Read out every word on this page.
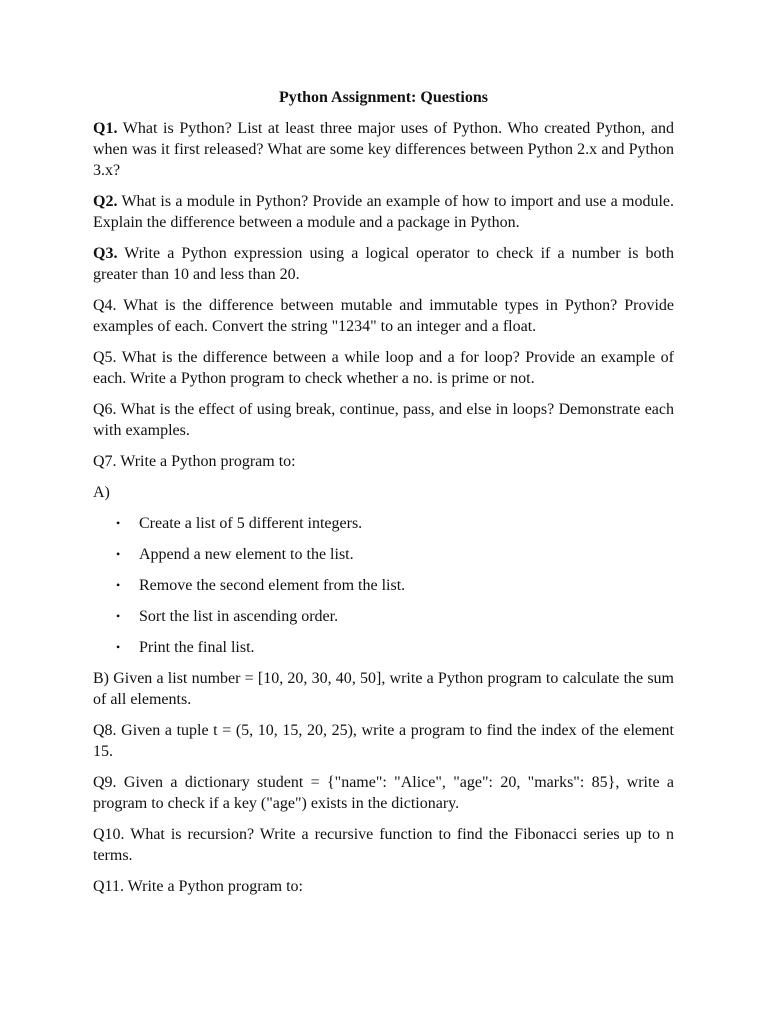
Python Assignment: Questions

Q1. What is Python? List at least three major uses of Python. Who created Python, and when was it first released? What are some key differences between Python 2.x and Python 3.x?

Q2. What is a module in Python? Provide an example of how to import and use a module. Explain the difference between a module and a package in Python.

Q3. Write a Python expression using a logical operator to check if a number is both greater than 10 and less than 20.

Q4. What is the difference between mutable and immutable types in Python? Provide examples of each. Convert the string "1234" to an integer and a float.

Q5. What is the difference between a while loop and a for loop? Provide an example of each. Write a Python program to check whether a no. is prime or not.

Q6. What is the effect of using break, continue, pass, and else in loops? Demonstrate each with examples.

Q7. Write a Python program to:

A)

• Create a list of 5 different integers.
• Append a new element to the list.
• Remove the second element from the list.
• Sort the list in ascending order.
• Print the final list.

B) Given a list number = [10, 20, 30, 40, 50], write a Python program to calculate the sum of all elements.

Q8. Given a tuple t = (5, 10, 15, 20, 25), write a program to find the index of the element 15.

Q9. Given a dictionary student = {"name": "Alice", "age": 20, "marks": 85}, write a program to check if a key ("age") exists in the dictionary.

Q10. What is recursion? Write a recursive function to find the Fibonacci series up to n terms.

Q11. Write a Python program to:
